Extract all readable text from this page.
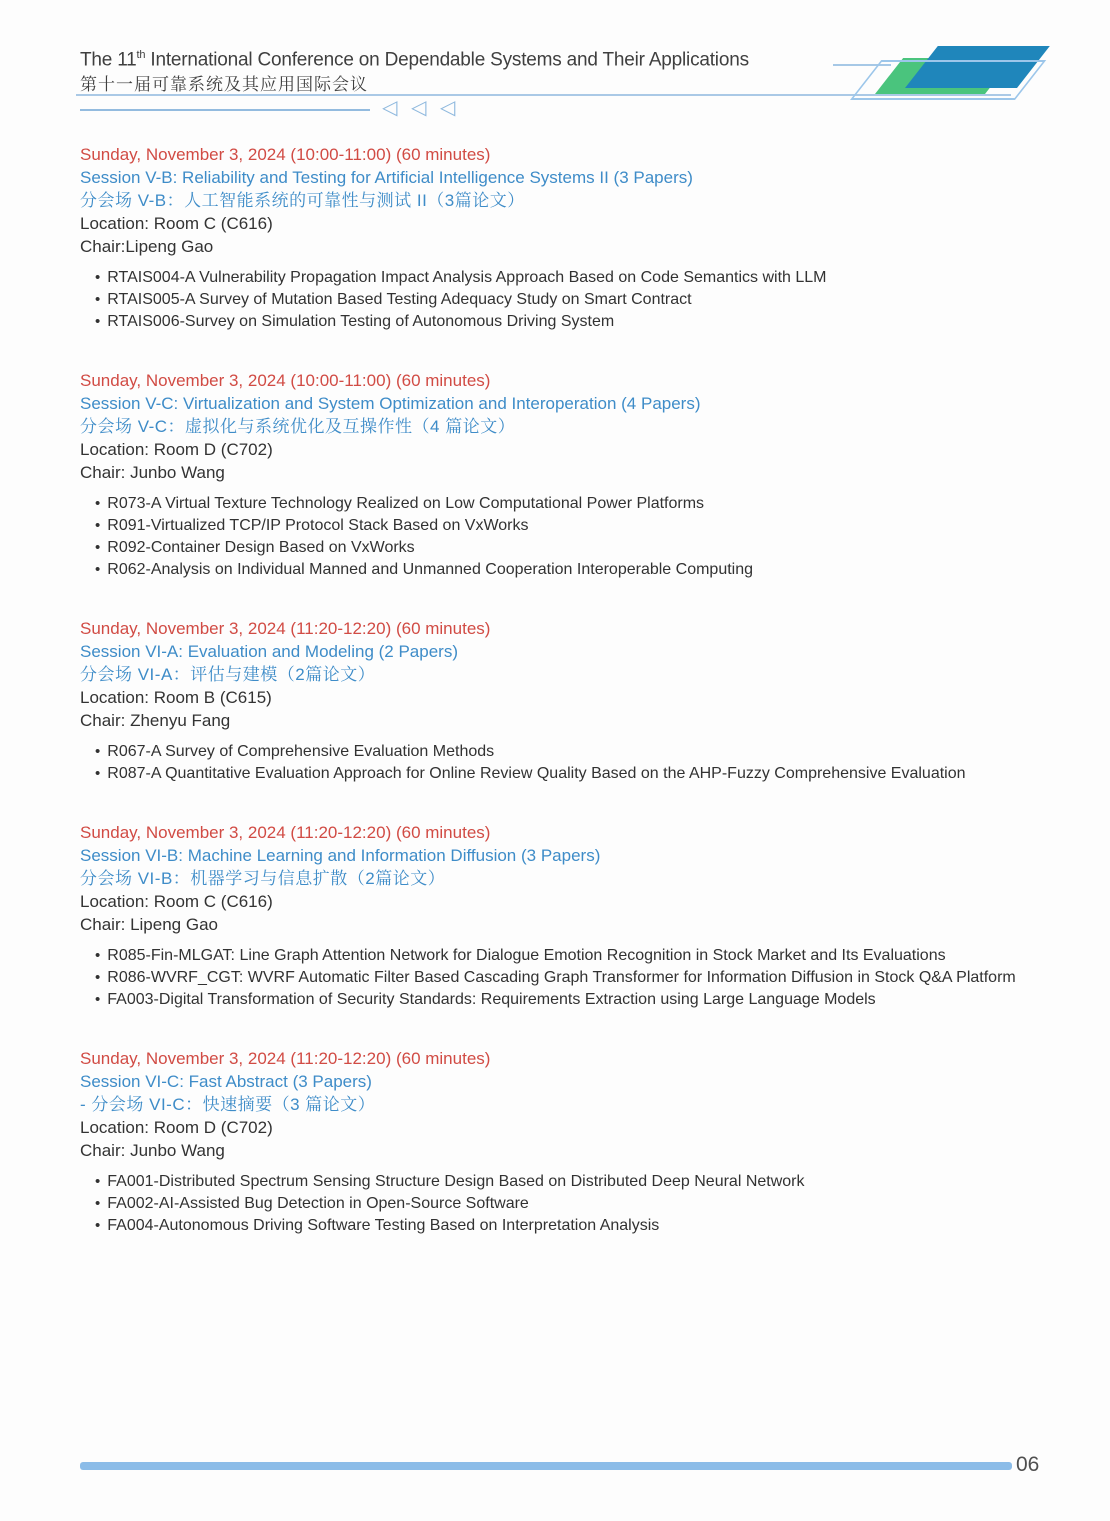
The 11th International Conference on Dependable Systems and Their Applications
第十一届可靠系统及其应用国际会议
◁ ◁ ◁
Sunday, November 3, 2024 (10:00-11:00) (60 minutes)
Session V-B: Reliability and Testing for Artificial Intelligence Systems II (3 Papers)
分会场 V-B：人工智能系统的可靠性与测试 II（3篇论文）
Location: Room C (C616)
Chair:Lipeng Gao
• RTAIS004-A Vulnerability Propagation Impact Analysis Approach Based on Code Semantics with LLM
• RTAIS005-A Survey of Mutation Based Testing Adequacy Study on Smart Contract
• RTAIS006-Survey on Simulation Testing of Autonomous Driving System
Sunday, November 3, 2024 (10:00-11:00) (60 minutes)
Session V-C: Virtualization and System Optimization and Interoperation (4 Papers)
分会场 V-C：虚拟化与系统优化及互操作性（4 篇论文）
Location: Room D (C702)
Chair: Junbo Wang
• R073-A Virtual Texture Technology Realized on Low Computational Power Platforms
• R091-Virtualized TCP/IP Protocol Stack Based on VxWorks
• R092-Container Design Based on VxWorks
• R062-Analysis on Individual Manned and Unmanned Cooperation Interoperable Computing
Sunday, November 3, 2024 (11:20-12:20) (60 minutes)
Session VI-A: Evaluation and Modeling (2 Papers)
分会场 VI-A：评估与建模（2篇论文）
Location: Room B (C615)
Chair: Zhenyu Fang
• R067-A Survey of Comprehensive Evaluation Methods
• R087-A Quantitative Evaluation Approach for Online Review Quality Based on the AHP-Fuzzy Comprehensive Evaluation
Sunday, November 3, 2024 (11:20-12:20) (60 minutes)
Session VI-B: Machine Learning and Information Diffusion (3 Papers)
分会场 VI-B：机器学习与信息扩散（2篇论文）
Location: Room C (C616)
Chair: Lipeng Gao
• R085-Fin-MLGAT: Line Graph Attention Network for Dialogue Emotion Recognition in Stock Market and Its Evaluations
• R086-WVRF_CGT: WVRF Automatic Filter Based Cascading Graph Transformer for Information Diffusion in Stock Q&A Platform
• FA003-Digital Transformation of Security Standards: Requirements Extraction using Large Language Models
Sunday, November 3, 2024 (11:20-12:20) (60 minutes)
Session VI-C: Fast Abstract (3 Papers)
- 分会场 VI-C：快速摘要（3 篇论文）
Location: Room D (C702)
Chair: Junbo Wang
• FA001-Distributed Spectrum Sensing Structure Design Based on Distributed Deep Neural Network
• FA002-AI-Assisted Bug Detection in Open-Source Software
• FA004-Autonomous Driving Software Testing Based on Interpretation Analysis
06
